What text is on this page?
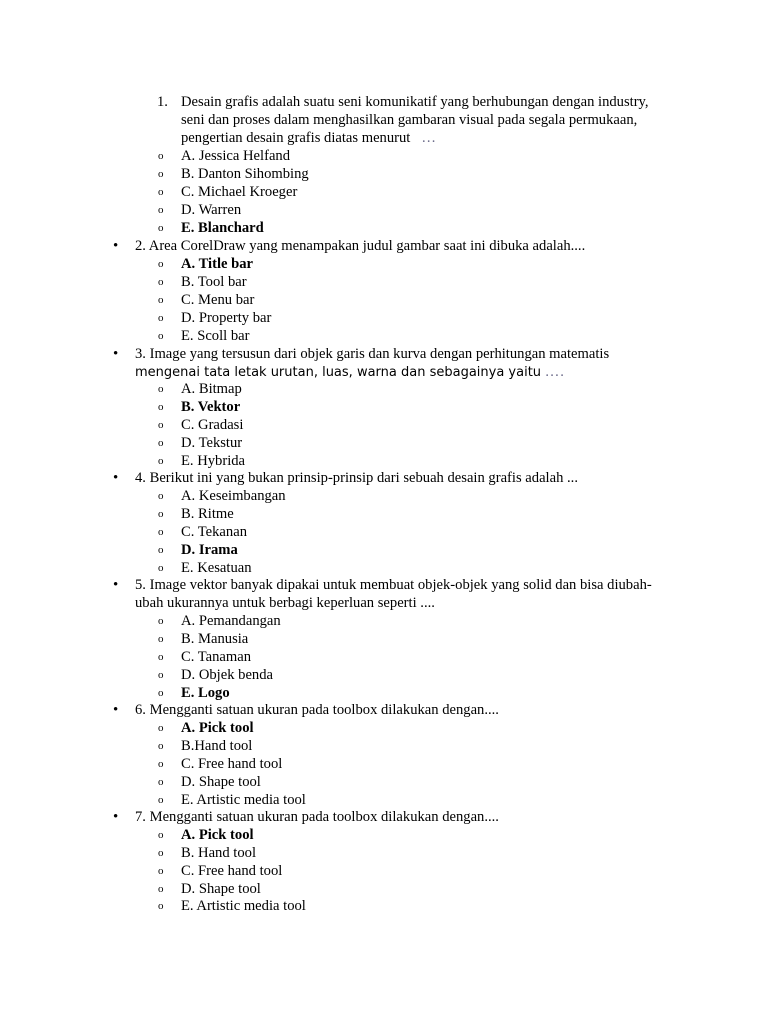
1. Desain grafis adalah suatu seni komunikatif yang berhubungan dengan industry,
seni dan proses dalam menghasilkan gambaran visual pada segala permukaan,
pengertian desain grafis diatas menurut …
o A. Jessica Helfand
o B. Danton Sihombing
o C. Michael Kroeger
o D. Warren
o E. Blanchard
• 2. Area CorelDraw yang menampakan judul gambar saat ini dibuka adalah....
o A. Title bar
o B. Tool bar
o C. Menu bar
o D. Property bar
o E. Scoll bar
• 3. Image yang tersusun dari objek garis dan kurva dengan perhitungan matematis
mengenai tata letak urutan, luas, warna dan sebagainya yaitu ….
o A. Bitmap
o B. Vektor
o C. Gradasi
o D. Tekstur
o E. Hybrida
• 4. Berikut ini yang bukan prinsip-prinsip dari sebuah desain grafis adalah ...
o A. Keseimbangan
o B. Ritme
o C. Tekanan
o D. Irama
o E. Kesatuan
• 5. Image vektor banyak dipakai untuk membuat objek-objek yang solid dan bisa diubah-
ubah ukurannya untuk berbagi keperluan seperti ....
o A. Pemandangan
o B. Manusia
o C. Tanaman
o D. Objek benda
o E. Logo
• 6. Mengganti satuan ukuran pada toolbox dilakukan dengan....
o A. Pick tool
o B.Hand tool
o C. Free hand tool
o D. Shape tool
o E. Artistic media tool
• 7. Mengganti satuan ukuran pada toolbox dilakukan dengan....
o A. Pick tool
o B. Hand tool
o C. Free hand tool
o D. Shape tool
o E. Artistic media tool
